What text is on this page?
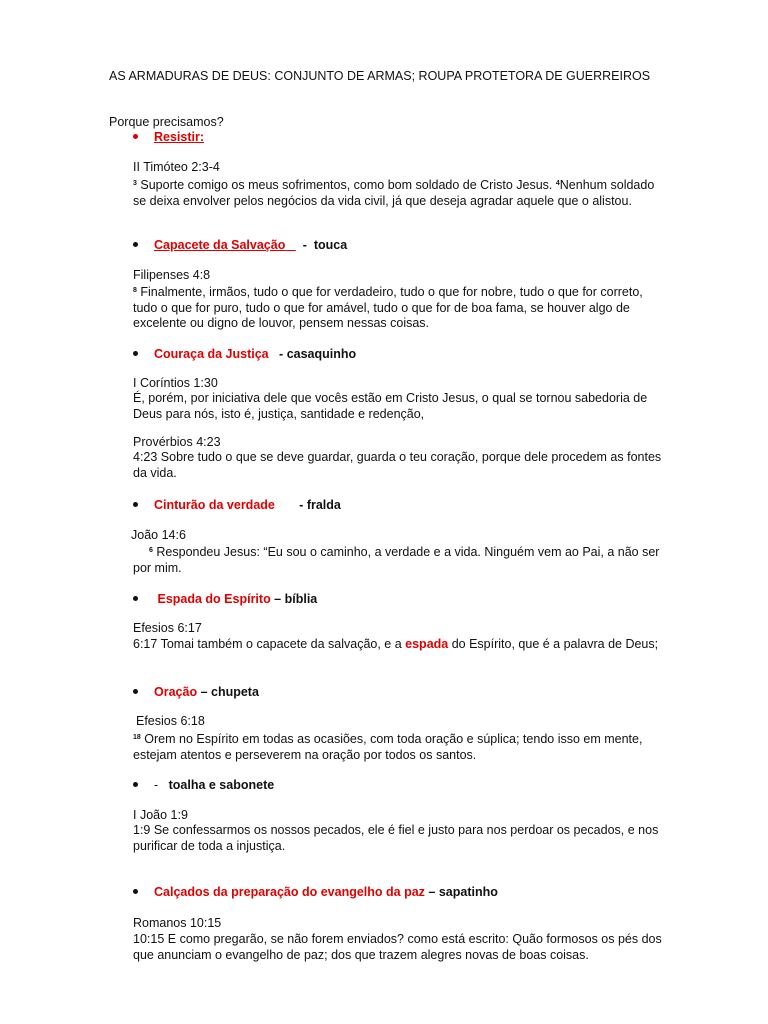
AS ARMADURAS DE DEUS: CONJUNTO DE ARMAS; ROUPA PROTETORA DE GUERREIROS

Porque precisamos?

Resistir:

II Timóteo 2:3-4

$^3$ Suporte comigo os meus sofrimentos, como bom soldado de Cristo Jesus. $^4$Nenhum soldado se deixa envolver pelos negócios da vida civil, já que deseja agradar aquele que o alistou.

Capacete da Salvação     -  touca

Filipenses 4:8

$^8$ Finalmente, irmãos, tudo o que for verdadeiro, tudo o que for nobre, tudo o que for correto, tudo o que for puro, tudo o que for amável, tudo o que for de boa fama, se houver algo de excelente ou digno de louvor, pensem nessas coisas.

Couraça da Justiça   - casaquinho

I Coríntios 1:30

É, porém, por iniciativa dele que vocês estão em Cristo Jesus, o qual se tornou sabedoria de Deus para nós, isto é, justiça, santidade e redenção,

Provérbios 4:23

4:23 Sobre tudo o que se deve guardar, guarda o teu coração, porque dele procedem as fontes da vida.

Cinturão da verdade       - fralda

João 14:6

$^6$ Respondeu Jesus: “Eu sou o caminho, a verdade e a vida. Ninguém vem ao Pai, a não ser por mim.

Espada do Espírito – bíblia

Efesios 6:17

6:17 Tomai também o capacete da salvação, e a espada do Espírito, que é a palavra de Deus;

Oração – chupeta

Efesios 6:18

$^{18}$ Orem no Espírito em todas as ocasiões, com toda oração e súplica; tendo isso em mente, estejam atentos e perseverem na oração por todos os santos.

- toalha e sabonete

I João 1:9

1:9 Se confessarmos os nossos pecados, ele é fiel e justo para nos perdoar os pecados, e nos purificar de toda a injustiça.

Calçados da preparação do evangelho da paz – sapatinho

Romanos 10:15

10:15 E como pregarão, se não forem enviados? como está escrito: Quão formosos os pés dos que anunciam o evangelho de paz; dos que trazem alegres novas de boas coisas.
